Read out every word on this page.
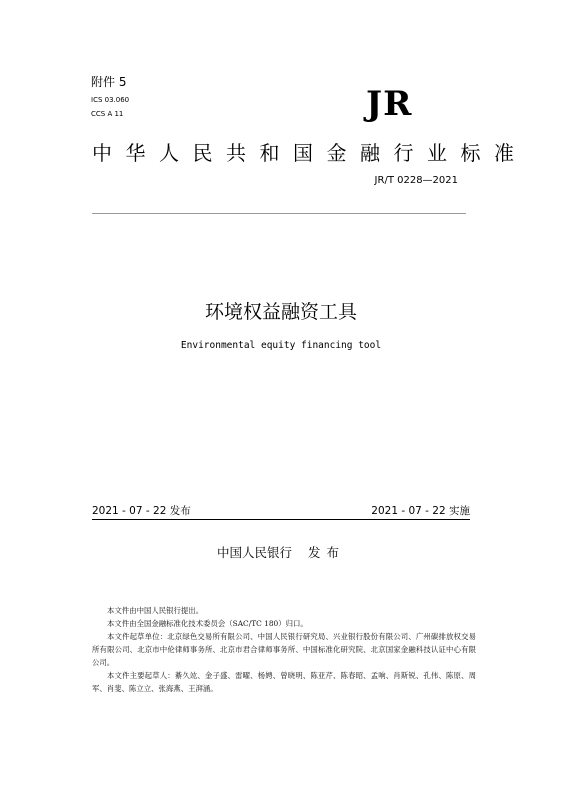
附件 5
ICS 03.060
CCS A 11	JR
中华人民共和国金融行业标准
JR/T 0228—2021
环境权益融资工具
Environmental equity financing tool
2021 - 07 - 22 发布	2021 - 07 - 22 实施
中国人民银行 发布

本文件由中国人民银行提出。

本文件由全国金融标准化技术委员会（SAC/TC 180）归口。

本文件起草单位：北京绿色交易所有限公司、中国人民银行研究局、兴业银行股份有限公司、广州碳排放权交易所有限公司、北京市中伦律师事务所、北京市君合律师事务所、中国标准化研究院、北京国家金融科技认证中心有限公司。

本文件主要起草人：綦久竑、金子盛、雷曜、杨娉、曾晓明、陈亚芹、陈春昭、孟响、肖斯锐、孔伟、陈原、周军、肖斐、陈立立、张海燕、王湃涵。
